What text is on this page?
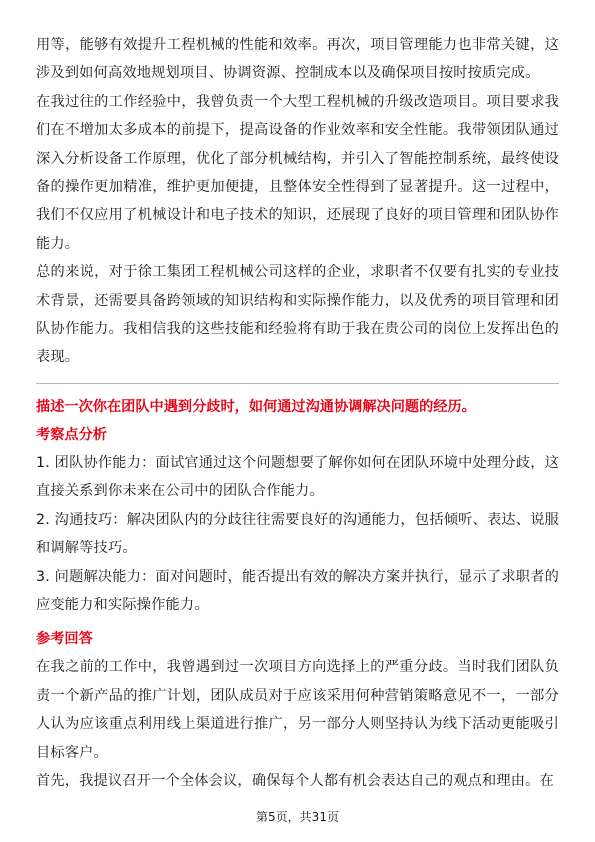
用等，能够有效提升工程机械的性能和效率。再次，项目管理能力也非常关键，这涉及到如何高效地规划项目、协调资源、控制成本以及确保项目按时按质完成。

在我过往的工作经验中，我曾负责一个大型工程机械的升级改造项目。项目要求我们在不增加太多成本的前提下，提高设备的作业效率和安全性能。我带领团队通过深入分析设备工作原理，优化了部分机械结构，并引入了智能控制系统，最终使设备的操作更加精准，维护更加便捷，且整体安全性得到了显著提升。这一过程中，我们不仅应用了机械设计和电子技术的知识，还展现了良好的项目管理和团队协作能力。

总的来说，对于徐工集团工程机械公司这样的企业，求职者不仅要有扎实的专业技术背景，还需要具备跨领域的知识结构和实际操作能力，以及优秀的项目管理和团队协作能力。我相信我的这些技能和经验将有助于我在贵公司的岗位上发挥出色的表现。

描述一次你在团队中遇到分歧时，如何通过沟通协调解决问题的经历。

考察点分析

1. 团队协作能力：面试官通过这个问题想要了解你如何在团队环境中处理分歧，这直接关系到你未来在公司中的团队合作能力。

2. 沟通技巧：解决团队内的分歧往往需要良好的沟通能力，包括倾听、表达、说服和调解等技巧。

3. 问题解决能力：面对问题时，能否提出有效的解决方案并执行，显示了求职者的应变能力和实际操作能力。

参考回答

在我之前的工作中，我曾遇到过一次项目方向选择上的严重分歧。当时我们团队负责一个新产品的推广计划，团队成员对于应该采用何种营销策略意见不一，一部分人认为应该重点利用线上渠道进行推广，另一部分人则坚持认为线下活动更能吸引目标客户。

首先，我提议召开一个全体会议，确保每个人都有机会表达自己的观点和理由。在

第5页，共31页
